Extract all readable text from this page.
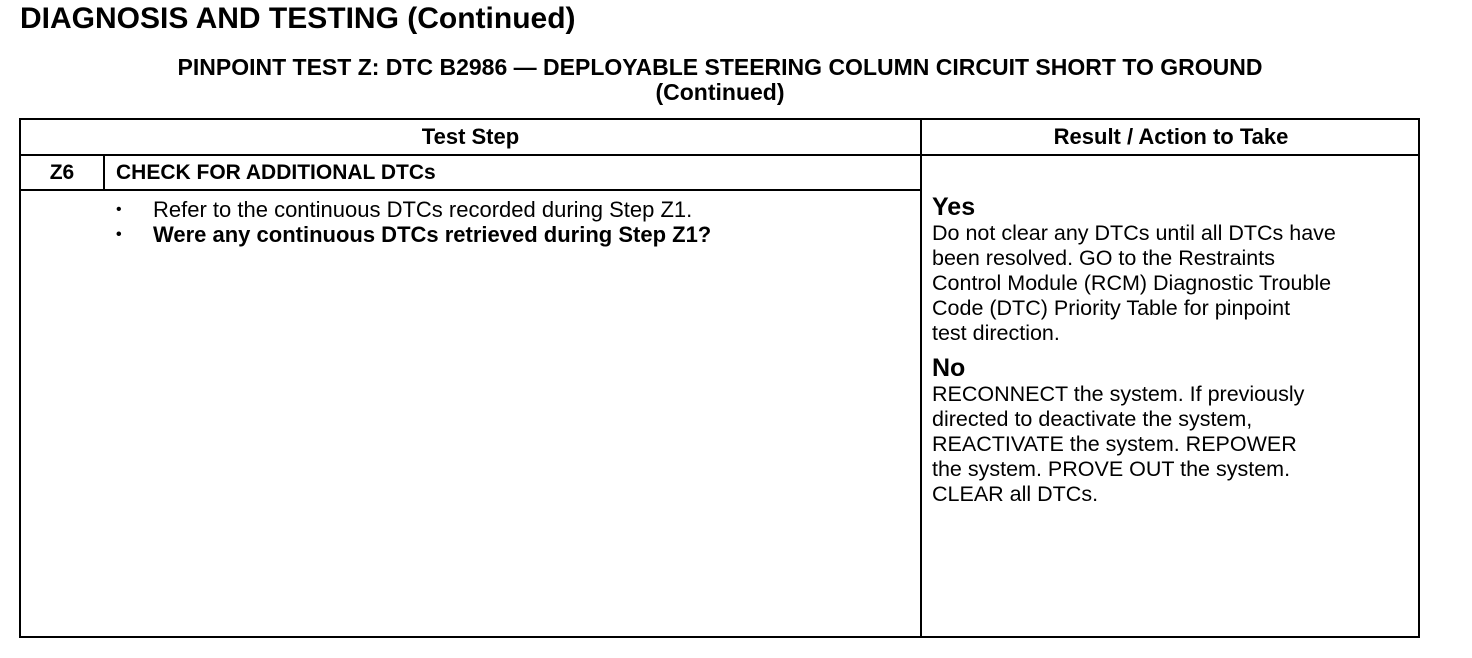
DIAGNOSIS AND TESTING (Continued)
PINPOINT TEST Z: DTC B2986 — DEPLOYABLE STEERING COLUMN CIRCUIT SHORT TO GROUND
(Continued)
Test Step	Result / Action to Take
Z6	CHECK FOR ADDITIONAL DTCs
• Refer to the continuous DTCs recorded during Step Z1.
• Were any continuous DTCs retrieved during Step Z1?
Yes
Do not clear any DTCs until all DTCs have
been resolved. GO to the Restraints
Control Module (RCM) Diagnostic Trouble
Code (DTC) Priority Table for pinpoint
test direction.
No
RECONNECT the system. If previously
directed to deactivate the system,
REACTIVATE the system. REPOWER
the system. PROVE OUT the system.
CLEAR all DTCs.
